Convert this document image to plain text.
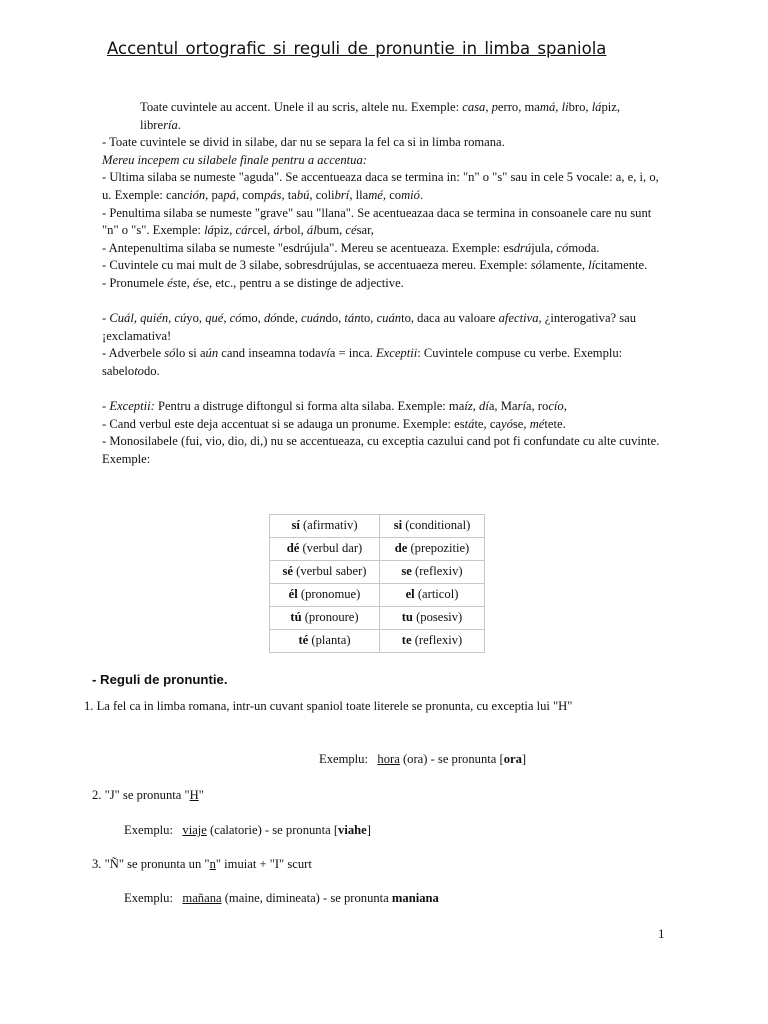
Accentul ortografic si reguli de pronuntie in limba spaniola

Toate cuvintele au accent. Unele il au scris, altele nu. Exemple: casa, perro, mamá, libro, lápiz, librería.

- Toate cuvintele se divid in silabe, dar nu se separa la fel ca si in limba romana.

Mereu incepem cu silabele finale pentru a accentua:

- Ultima silaba se numeste "aguda". Se accentueaza daca se termina in: "n" o "s" sau in cele 5 vocale: a, e, i, o, u. Exemple: canción, papá, compás, tabú, colibrí, llamé, comió.

- Penultima silaba se numeste "grave" sau "llana". Se acentueazaa daca se termina in consoanele care nu sunt "n" o "s". Exemple: lápiz, cárcel, árbol, álbum, césar,

- Antepenultima silaba se numeste "esdrújula". Mereu se acentueaza. Exemple: esdrújula, cómoda.

- Cuvintele cu mai mult de 3 silabe, sobresdrújulas, se accentuaeza mereu. Exemple: sólamente, lícitamente.

- Pronumele éste, ése, etc., pentru a se distinge de adjective.

- Cuál, quién, cúyo, qué, cómo, dónde, cuándo, tánto, cuánto, daca au valoare afectiva, ¿interogativa? sau ¡exclamativa!

- Adverbele sólo si aún cand inseamna todavía = inca. Exceptii: Cuvintele compuse cu verbe. Exemplu: sabelotodo.

- Exceptii: Pentru a distruge diftongul si forma alta silaba. Exemple: maíz, día, María, rocío,

- Cand verbul este deja accentuat si se adauga un pronume. Exemple: estáte, cayóse, métete.

- Monosilabele (fui, vio, dio, di,) nu se accentueaza, cu exceptia cazului cand pot fi confundate cu alte cuvinte. Exemple:

sí (afirmativ)	si (conditional)
dé (verbul dar)	de (prepozitie)
sé (verbul saber)	se (reflexiv)
él (pronomue)	el (articol)
tú (pronoure)	tu (posesiv)
té (planta)	te (reflexiv)
- Reguli de pronuntie.
1. La fel ca in limba romana, intr-un cuvant spaniol toate literele se pronunta, cu exceptia lui "H"
Exemplu: hora (ora) - se pronunta [ora]
2. "J" se pronunta "H"
Exemplu: viaje (calatorie) - se pronunta [viahe]
3. "Ñ" se pronunta un "n" imuiat + "I" scurt
Exemplu: mañana (maine, dimineata) - se pronunta maniana
1
